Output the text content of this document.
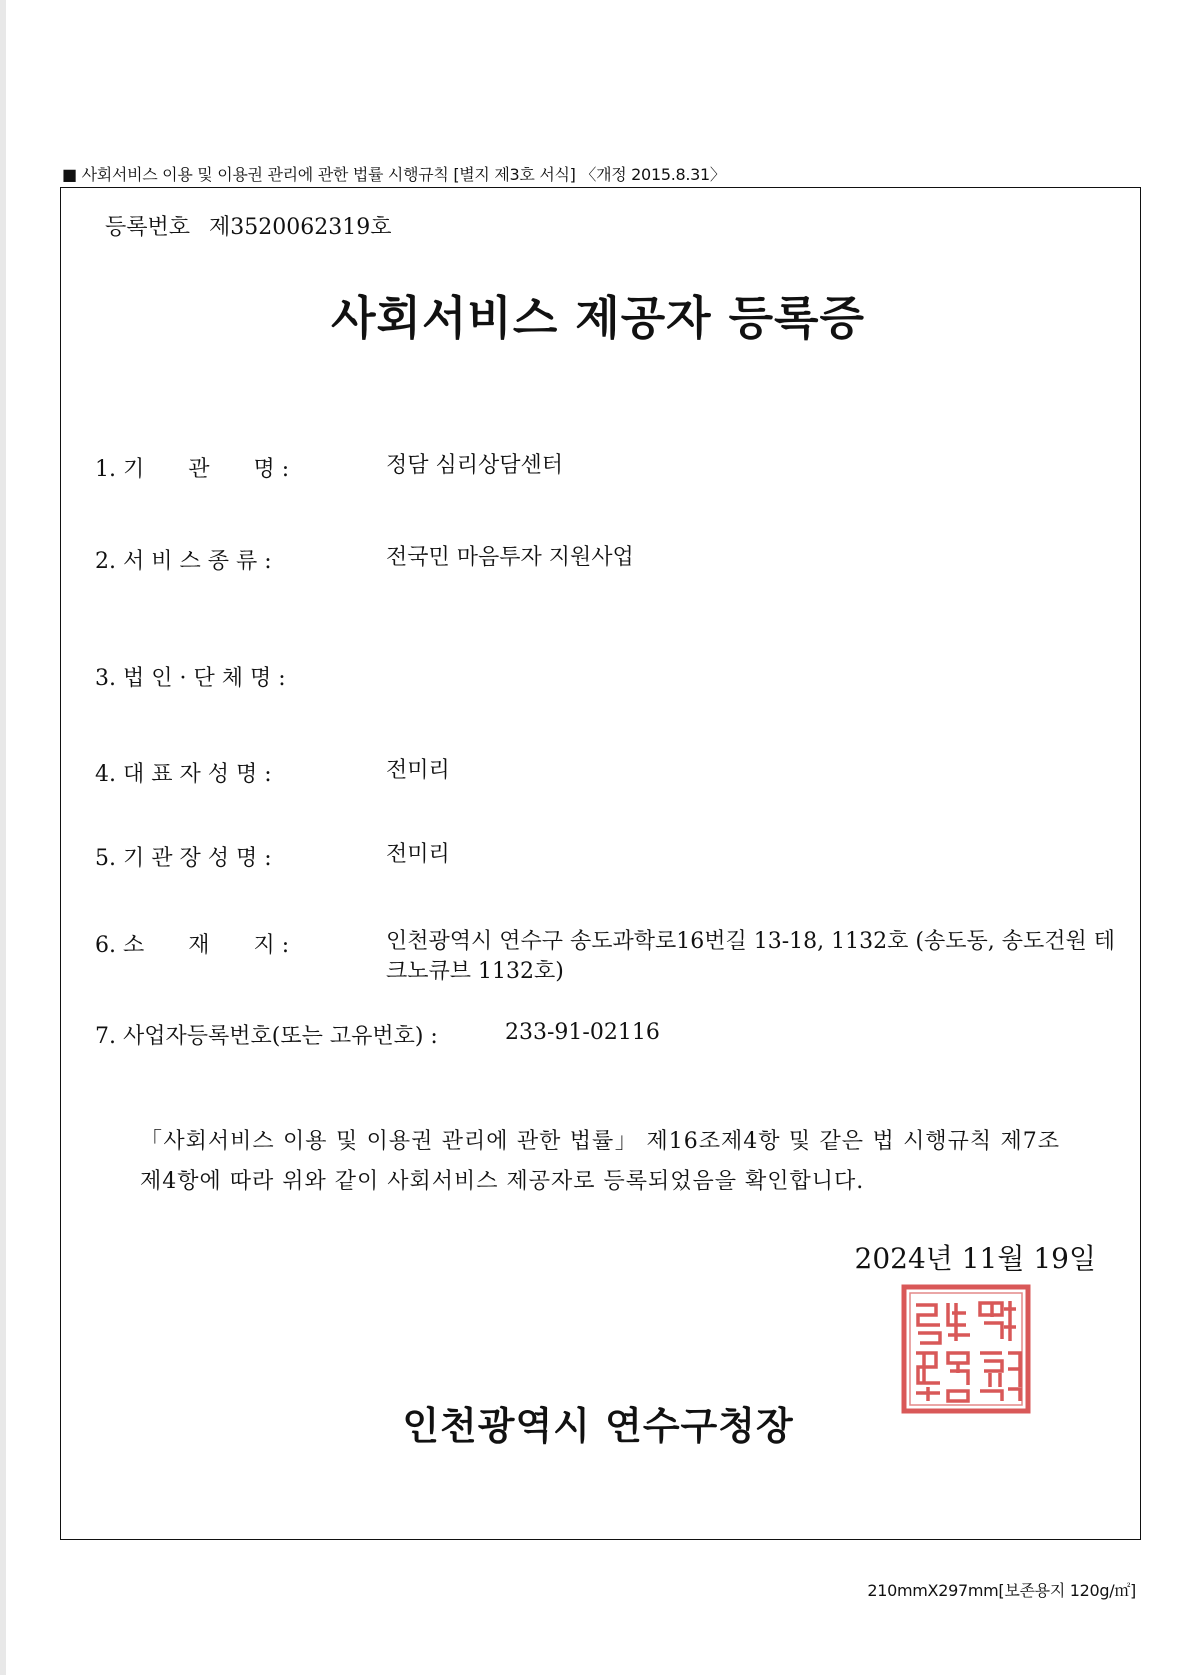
■ 사회서비스 이용 및 이용권 관리에 관한 법률 시행규칙 [별지 제3호 서식] 〈개정 2015.8.31〉
등록번호 제3520062319호
사회서비스 제공자 등록증
1. 기　　관　　명 :	정담 심리상담센터
2. 서 비 스 종 류 :	전국민 마음투자 지원사업
3. 법 인 · 단 체 명 :
4. 대 표 자 성 명 :	전미리
5. 기 관 장 성 명 :	전미리
6. 소　　재　　지 :	인천광역시 연수구 송도과학로16번길 13-18, 1132호 (송도동, 송도건원 테크노큐브 1132호)
7. 사업자등록번호(또는 고유번호) :	233-91-02116
「사회서비스 이용 및 이용권 관리에 관한 법률」 제16조제4항 및 같은 법 시행규칙 제7조제4항에 따라 위와 같이 사회서비스 제공자로 등록되었음을 확인합니다.
2024년 11월 19일
인천광역시 연수구청장
210mmX297mm[보존용지 120g/㎡]
